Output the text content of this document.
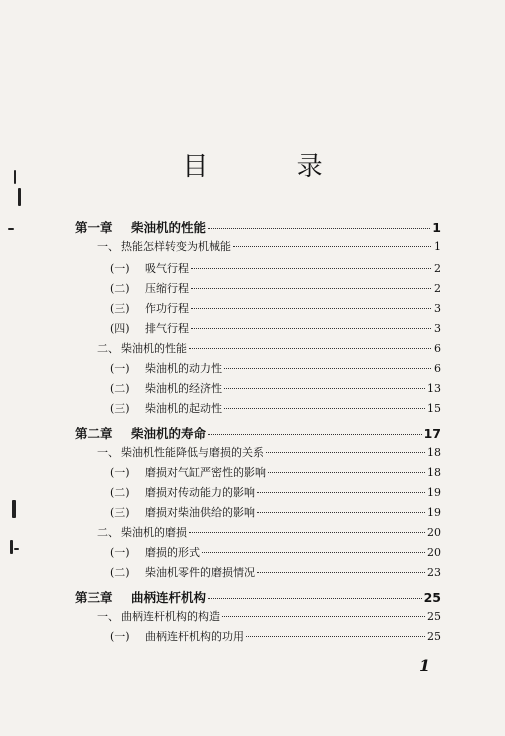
目 录
第一章	柴油机的性能	1
一、 热能怎样转变为机械能	1
(一)	吸气行程	2
(二)	压缩行程	2
(三)	作功行程	3
(四)	排气行程	3
二、 柴油机的性能	6
(一)	柴油机的动力性	6
(二)	柴油机的经济性	13
(三)	柴油机的起动性	15
第二章	柴油机的寿命	17
一、 柴油机性能降低与磨损的关系	18
(一)	磨损对气缸严密性的影响	18
(二)	磨损对传动能力的影响	19
(三)	磨损对柴油供给的影响	19
二、 柴油机的磨损	20
(一)	磨损的形式	20
(二)	柴油机零件的磨损情况	23
第三章	曲柄连杆机构	25
一、 曲柄连杆机构的构造	25
(一)	曲柄连杆机构的功用	25
1
